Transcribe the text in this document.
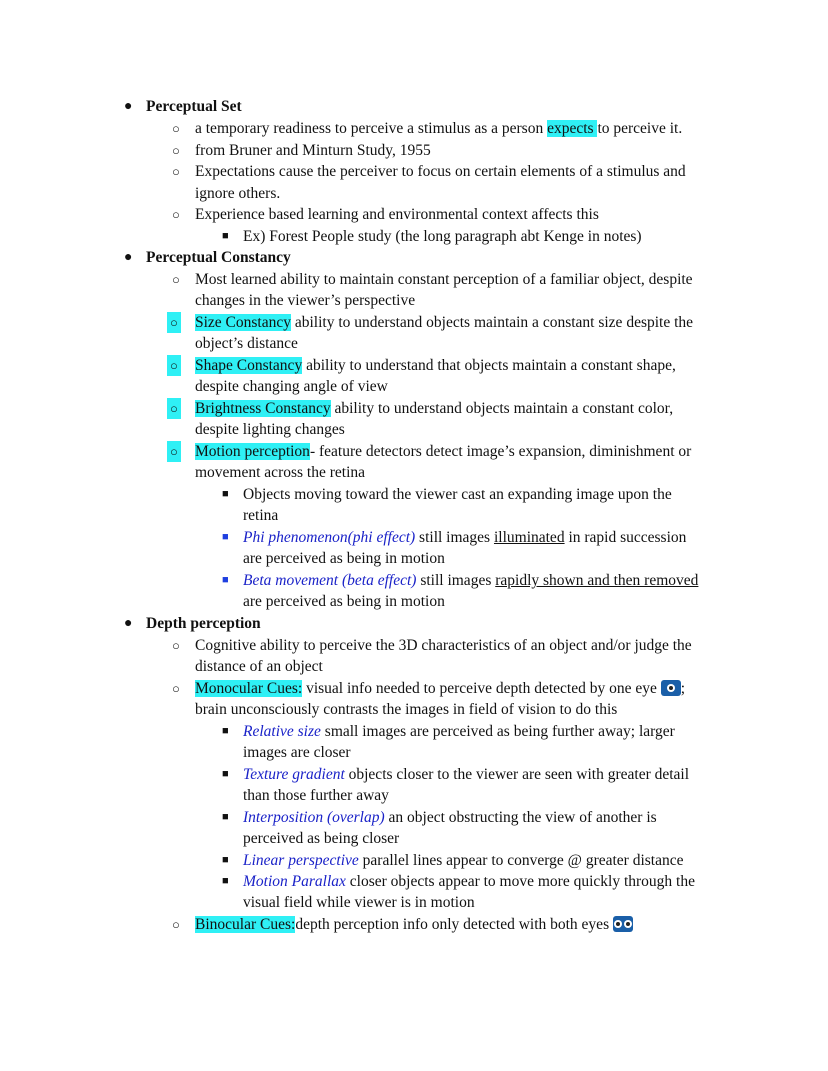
● Perceptual Set
○ a temporary readiness to perceive a stimulus as a person expects to perceive it.
○ from Bruner and Minturn Study, 1955
○ Expectations cause the perceiver to focus on certain elements of a stimulus and
ignore others.
○ Experience based learning and environmental context affects this
■ Ex) Forest People study (the long paragraph abt Kenge in notes)
● Perceptual Constancy
○ Most learned ability to maintain constant perception of a familiar object, despite
changes in the viewer’s perspective
○ Size Constancy ability to understand objects maintain a constant size despite the
object’s distance
○ Shape Constancy ability to understand that objects maintain a constant shape,
despite changing angle of view
○ Brightness Constancy ability to understand objects maintain a constant color,
despite lighting changes
○ Motion perception- feature detectors detect image’s expansion, diminishment or
movement across the retina
■ Objects moving toward the viewer cast an expanding image upon the
retina
■ Phi phenomenon(phi effect) still images illuminated in rapid succession
are perceived as being in motion
■ Beta movement (beta effect) still images rapidly shown and then removed
are perceived as being in motion
● Depth perception
○ Cognitive ability to perceive the 3D characteristics of an object and/or judge the
distance of an object
○ Monocular Cues: visual info needed to perceive depth detected by one eye
;
brain unconsciously contrasts the images in field of vision to do this
■ Relative size small images are perceived as being further away; larger
images are closer
■ Texture gradient objects closer to the viewer are seen with greater detail
than those further away
■ Interposition (overlap) an object obstructing the view of another is
perceived as being closer
■ Linear perspective parallel lines appear to converge @ greater distance
■ Motion Parallax closer objects appear to move more quickly through the
visual field while viewer is in motion
○ Binocular Cues:depth perception info only detected with both eyes
